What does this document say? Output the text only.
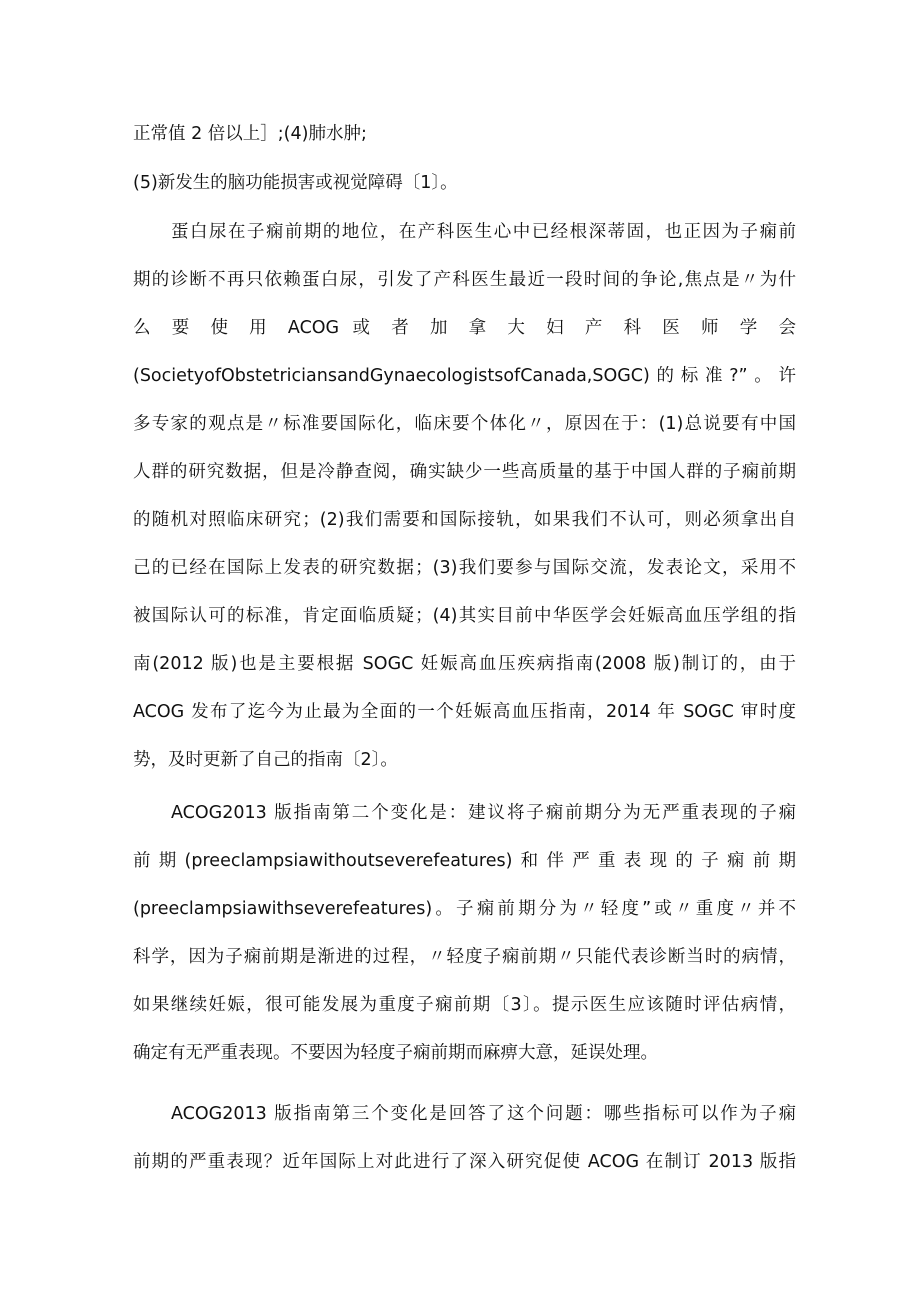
正常值 2 倍以上］;(4)肺水肿;
(5)新发生的脑功能损害或视觉障碍〔1〕。
蛋白尿在子痫前期的地位，在产科医生心中已经根深蒂固，也正因为子痫前
期的诊断不再只依赖蛋白尿，引发了产科医生最近一段时间的争论,焦点是〃为什
么 要 使 用 ACOG 或 者 加 拿 大 妇 产 科 医 师 学 会
(SocietyofObstetriciansandGynaecologistsofCanada,SOGC)的标准?”。许
多专家的观点是〃标准要国际化，临床要个体化〃，原因在于：(1)总说要有中国
人群的研究数据，但是冷静查阅，确实缺少一些高质量的基于中国人群的子痫前期
的随机对照临床研究；(2)我们需要和国际接轨，如果我们不认可，则必须拿出自
己的已经在国际上发表的研究数据；(3)我们要参与国际交流，发表论文，采用不
被国际认可的标准，肯定面临质疑；(4)其实目前中华医学会妊娠高血压学组的指
南(2012 版)也是主要根据 SOGC 妊娠高血压疾病指南(2008 版)制订的，由于
ACOG 发布了迄今为止最为全面的一个妊娠高血压指南，2014 年 SOGC 审时度
势，及时更新了自己的指南〔2〕。
ACOG2013 版指南第二个变化是：建议将子痫前期分为无严重表现的子痫
前期(preeclampsiawithoutseverefeatures)和伴严重表现的子痫前期
(preeclampsiawithseverefeatures)。子痫前期分为〃轻度”或〃重度〃并不
科学，因为子痫前期是渐进的过程，〃轻度子痫前期〃只能代表诊断当时的病情，
如果继续妊娠，很可能发展为重度子痫前期〔3〕。提示医生应该随时评估病情，
确定有无严重表现。不要因为轻度子痫前期而麻痹大意，延误处理。
ACOG2013 版指南第三个变化是回答了这个问题：哪些指标可以作为子痫
前期的严重表现？近年国际上对此进行了深入研究促使 ACOG 在制订 2013 版指
